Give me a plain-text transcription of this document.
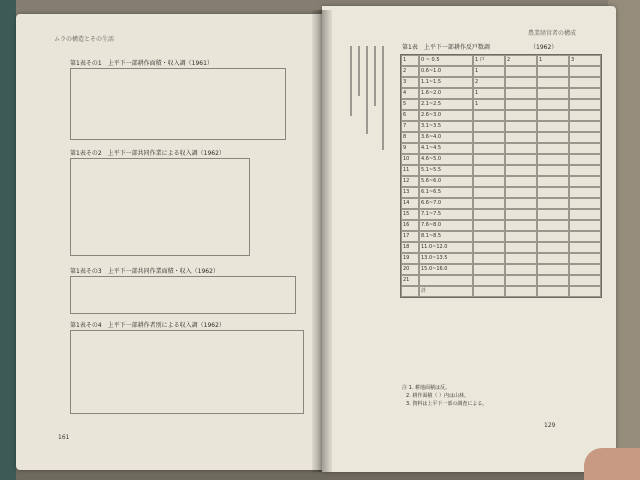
ムラの構造とその生活
第1表その1　上平下一部耕作面積・収入調（1961）
第1表その2　上平下一部共同作業による収入調（1962）
第1表その3　上平下一部共同作業面積・収入（1962）
第1表その4　上平下一部耕作者別による収入調（1962）
161
農業経営者の構成
第1表　上平下一部耕作反戸数調	（1962）
1	0 ~ 0.5	1 戸	2	1	3
2	0.6~1.0	1
3	1.1~1.5	2
4	1.6~2.0	1
5	2.1~2.5	1
6	2.6~3.0
7	3.1~3.5
8	3.6~4.0
9	4.1~4.5
10	4.6~5.0
11	5.1~5.5
12	5.6~6.0
13	6.1~6.5
14	6.6~7.0
15	7.1~7.5
16	7.6~8.0
17	8.1~8.5
18	11.0~12.0
19	13.0~13.5
20	15.0~16.0
21
計
注 1. 耕地面積は反。
2. 耕作面積（ ）内は山林。
3. 資料は上平下一部の調査による。
129
